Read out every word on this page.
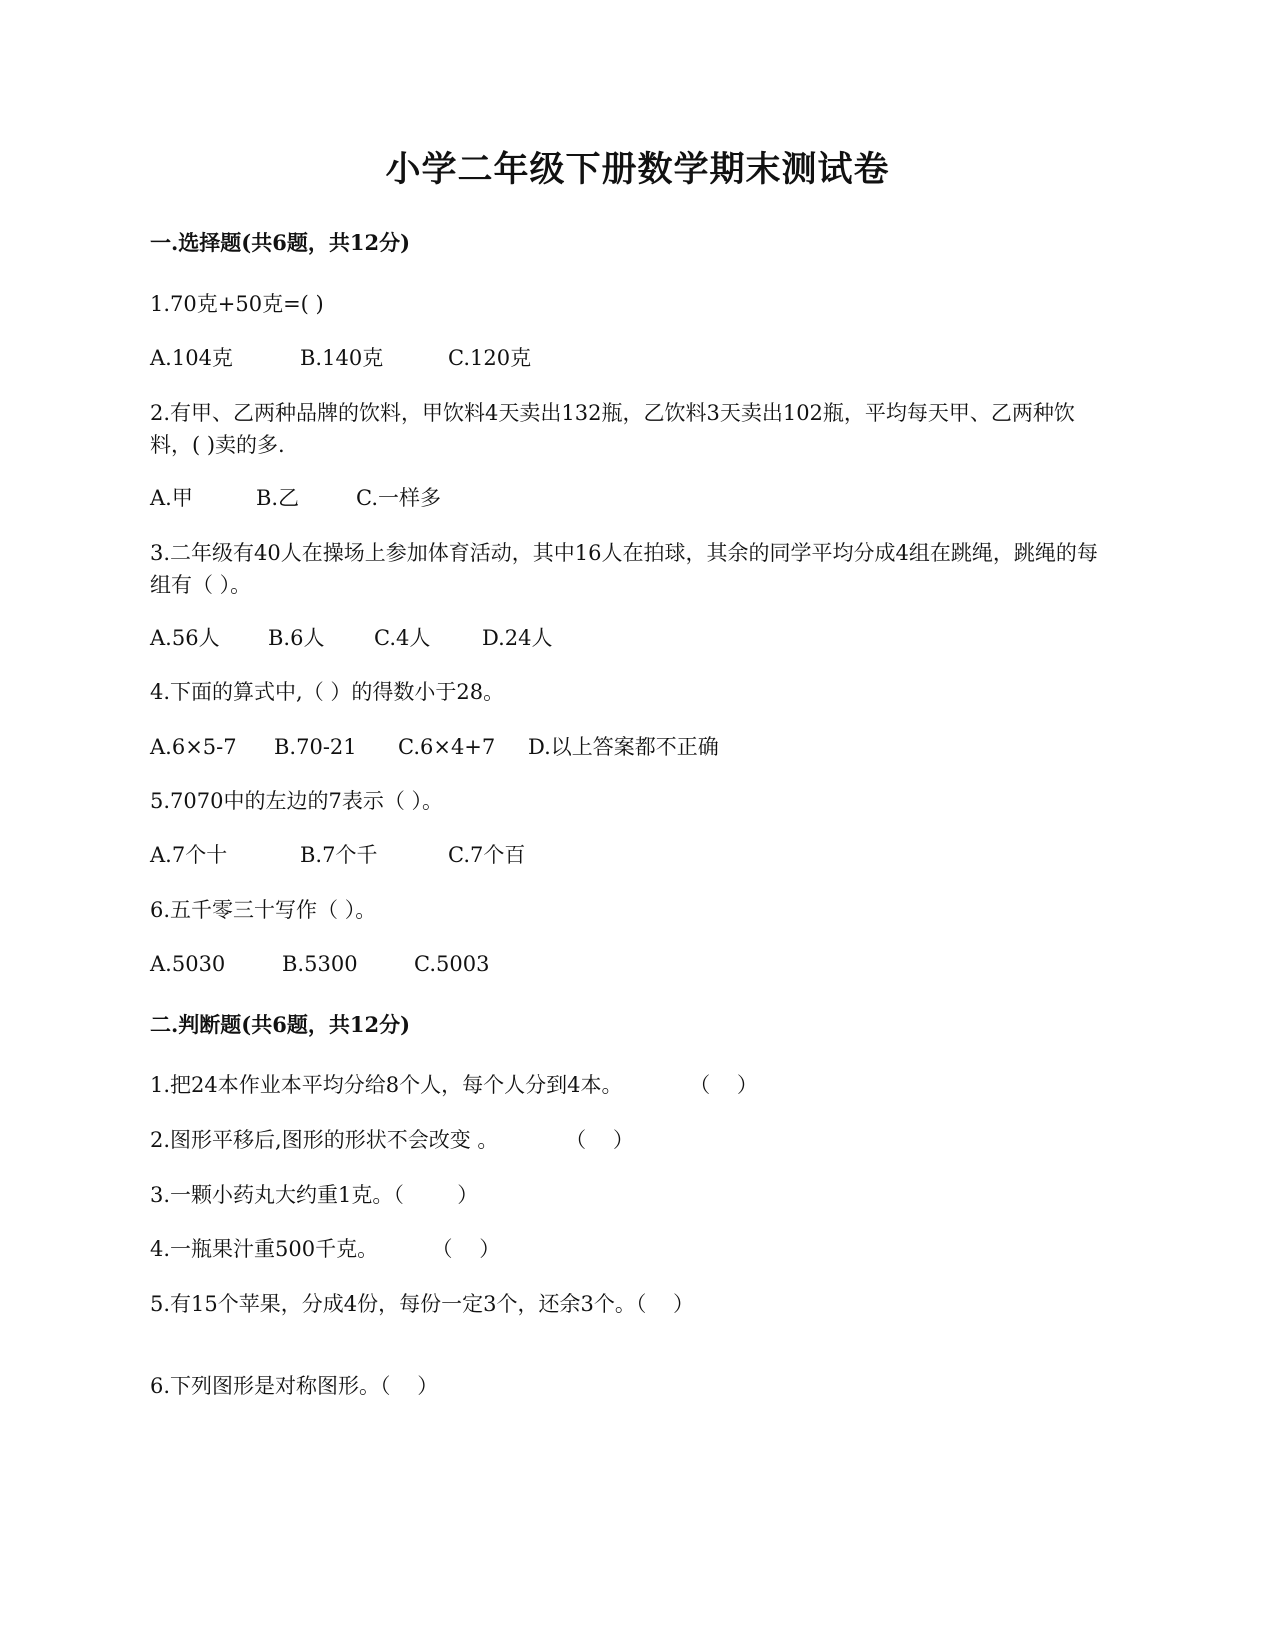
小学二年级下册数学期末测试卷
一.选择题(共6题，共12分)
1.70克+50克=( )
A.104克	B.140克	C.120克
2.有甲、乙两种品牌的饮料，甲饮料4天卖出132瓶，乙饮料3天卖出102瓶，平均每天甲、乙两种饮料，( )卖的多.
A.甲	B.乙	C.一样多
3.二年级有40人在操场上参加体育活动，其中16人在拍球，其余的同学平均分成4组在跳绳，跳绳的每组有（ ）。
A.56人 B.6人 C.4人 D.24人
4.下面的算式中,（ ）的得数小于28。
A.6×5-7 B.70-21 C.6×4+7 D.以上答案都不正确
5.7070中的左边的7表示（ ）。
A.7个十	B.7个千	C.7个百
6.五千零三十写作（ ）。
A.5030	B.5300	C.5003
二.判断题(共6题，共12分)
1.把24本作业本平均分给8个人，每个人分到4本。          （    ）
2.图形平移后,图形的形状不会改变 。          （    ）
3.一颗小药丸大约重1克。（        ）
4.一瓶果汁重500千克。        （    ）
5.有15个苹果，分成4份，每份一定3个，还余3个。（    ）
6.下列图形是对称图形。（    ）
